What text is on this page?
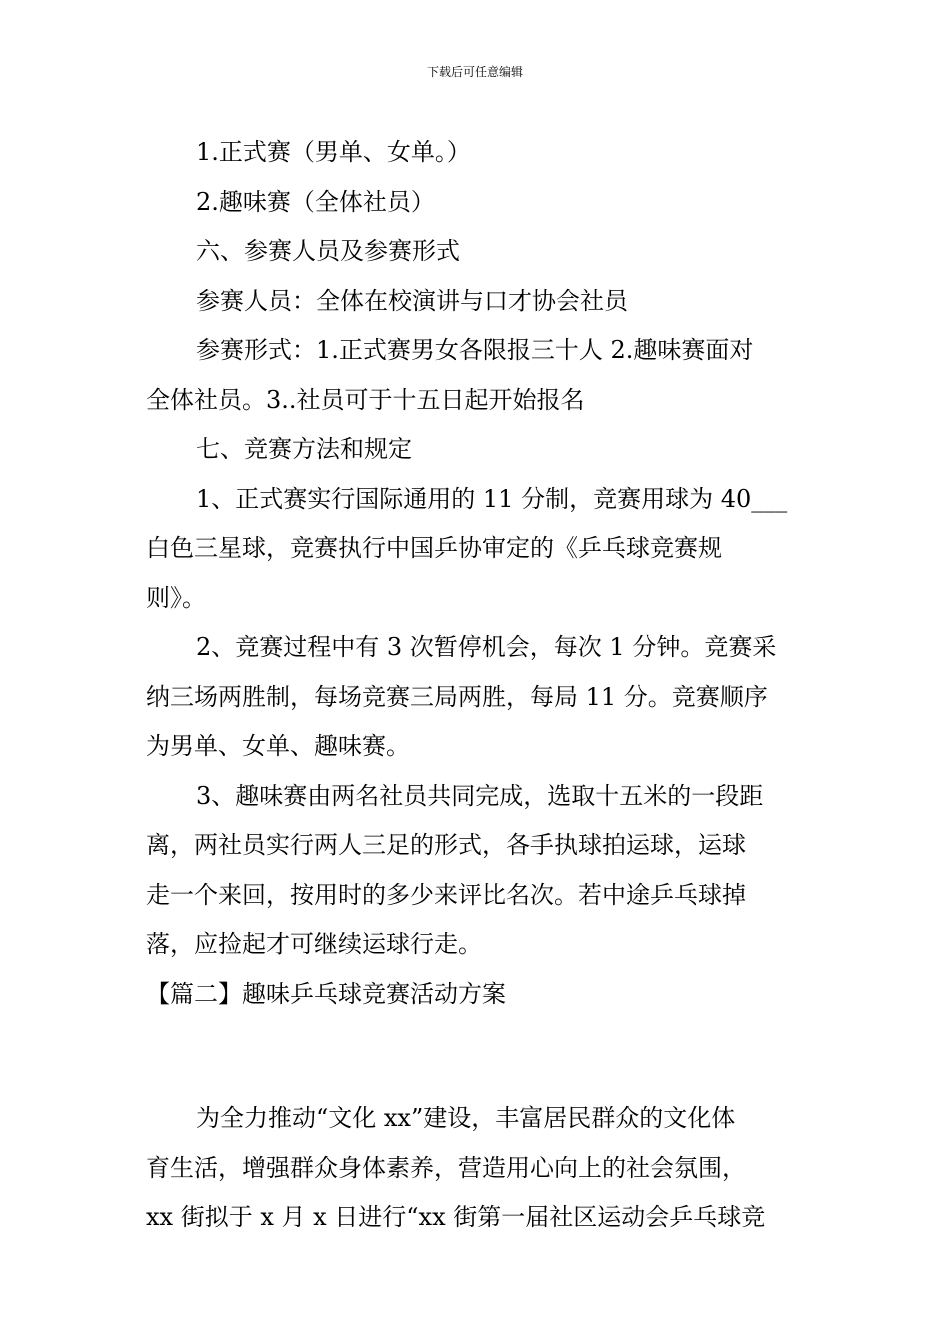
下载后可任意编辑
1.正式赛（男单、女单。）
2.趣味赛（全体社员）
六、参赛人员及参赛形式
参赛人员：全体在校演讲与口才协会社员
参赛形式：1.正式赛男女各限报三十人 2.趣味赛面对
全体社员。3..社员可于十五日起开始报名
七、竞赛方法和规定
1、正式赛实行国际通用的 11 分制，竞赛用球为 40___
白色三星球，竞赛执行中国乒协审定的《乒乓球竞赛规
则》。
2、竞赛过程中有 3 次暂停机会，每次 1 分钟。竞赛采
纳三场两胜制，每场竞赛三局两胜，每局 11 分。竞赛顺序
为男单、女单、趣味赛。
3、趣味赛由两名社员共同完成，选取十五米的一段距
离，两社员实行两人三足的形式，各手执球拍运球，运球
走一个来回，按用时的多少来评比名次。若中途乒乓球掉
落，应捡起才可继续运球行走。
【篇二】趣味乒乓球竞赛活动方案
为全力推动“文化 xx”建设，丰富居民群众的文化体
育生活，增强群众身体素养，营造用心向上的社会氛围，
xx 街拟于 x 月 x 日进行“xx 街第一届社区运动会乒乓球竞
